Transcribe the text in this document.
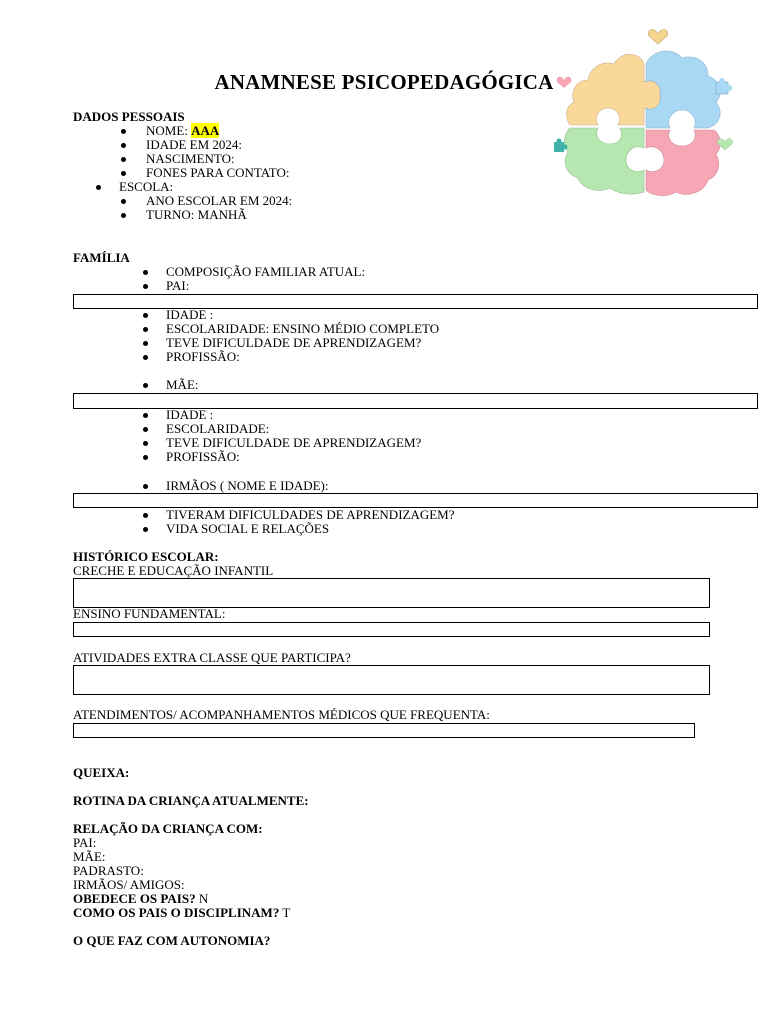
ANAMNESE PSICOPEDAGÓGICA
DADOS PESSOAIS
NOME: AAA
IDADE EM 2024:
NASCIMENTO:
FONES PARA CONTATO:
ESCOLA:
ANO ESCOLAR EM 2024:
TURNO: MANHÃ
FAMÍLIA
COMPOSIÇÃO FAMILIAR ATUAL:
PAI:
IDADE :
ESCOLARIDADE: ENSINO MÉDIO COMPLETO
TEVE DIFICULDADE DE APRENDIZAGEM?
PROFISSÃO:
MÃE:
IDADE :
ESCOLARIDADE:
TEVE DIFICULDADE DE APRENDIZAGEM?
PROFISSÃO:
IRMÃOS ( NOME E IDADE):
TIVERAM DIFICULDADES DE APRENDIZAGEM?
VIDA SOCIAL E RELAÇÕES
HISTÓRICO ESCOLAR:
CRECHE E EDUCAÇÃO INFANTIL
ENSINO FUNDAMENTAL:
ATIVIDADES EXTRA CLASSE QUE PARTICIPA?
ATENDIMENTOS/ ACOMPANHAMENTOS MÉDICOS QUE FREQUENTA:
QUEIXA:
ROTINA DA CRIANÇA ATUALMENTE:
RELAÇÃO DA CRIANÇA COM:
PAI:
MÃE:
PADRASTO:
IRMÃOS/ AMIGOS:
OBEDECE OS PAIS? N
COMO OS PAIS O DISCIPLINAM? T
O QUE FAZ COM AUTONOMIA?
